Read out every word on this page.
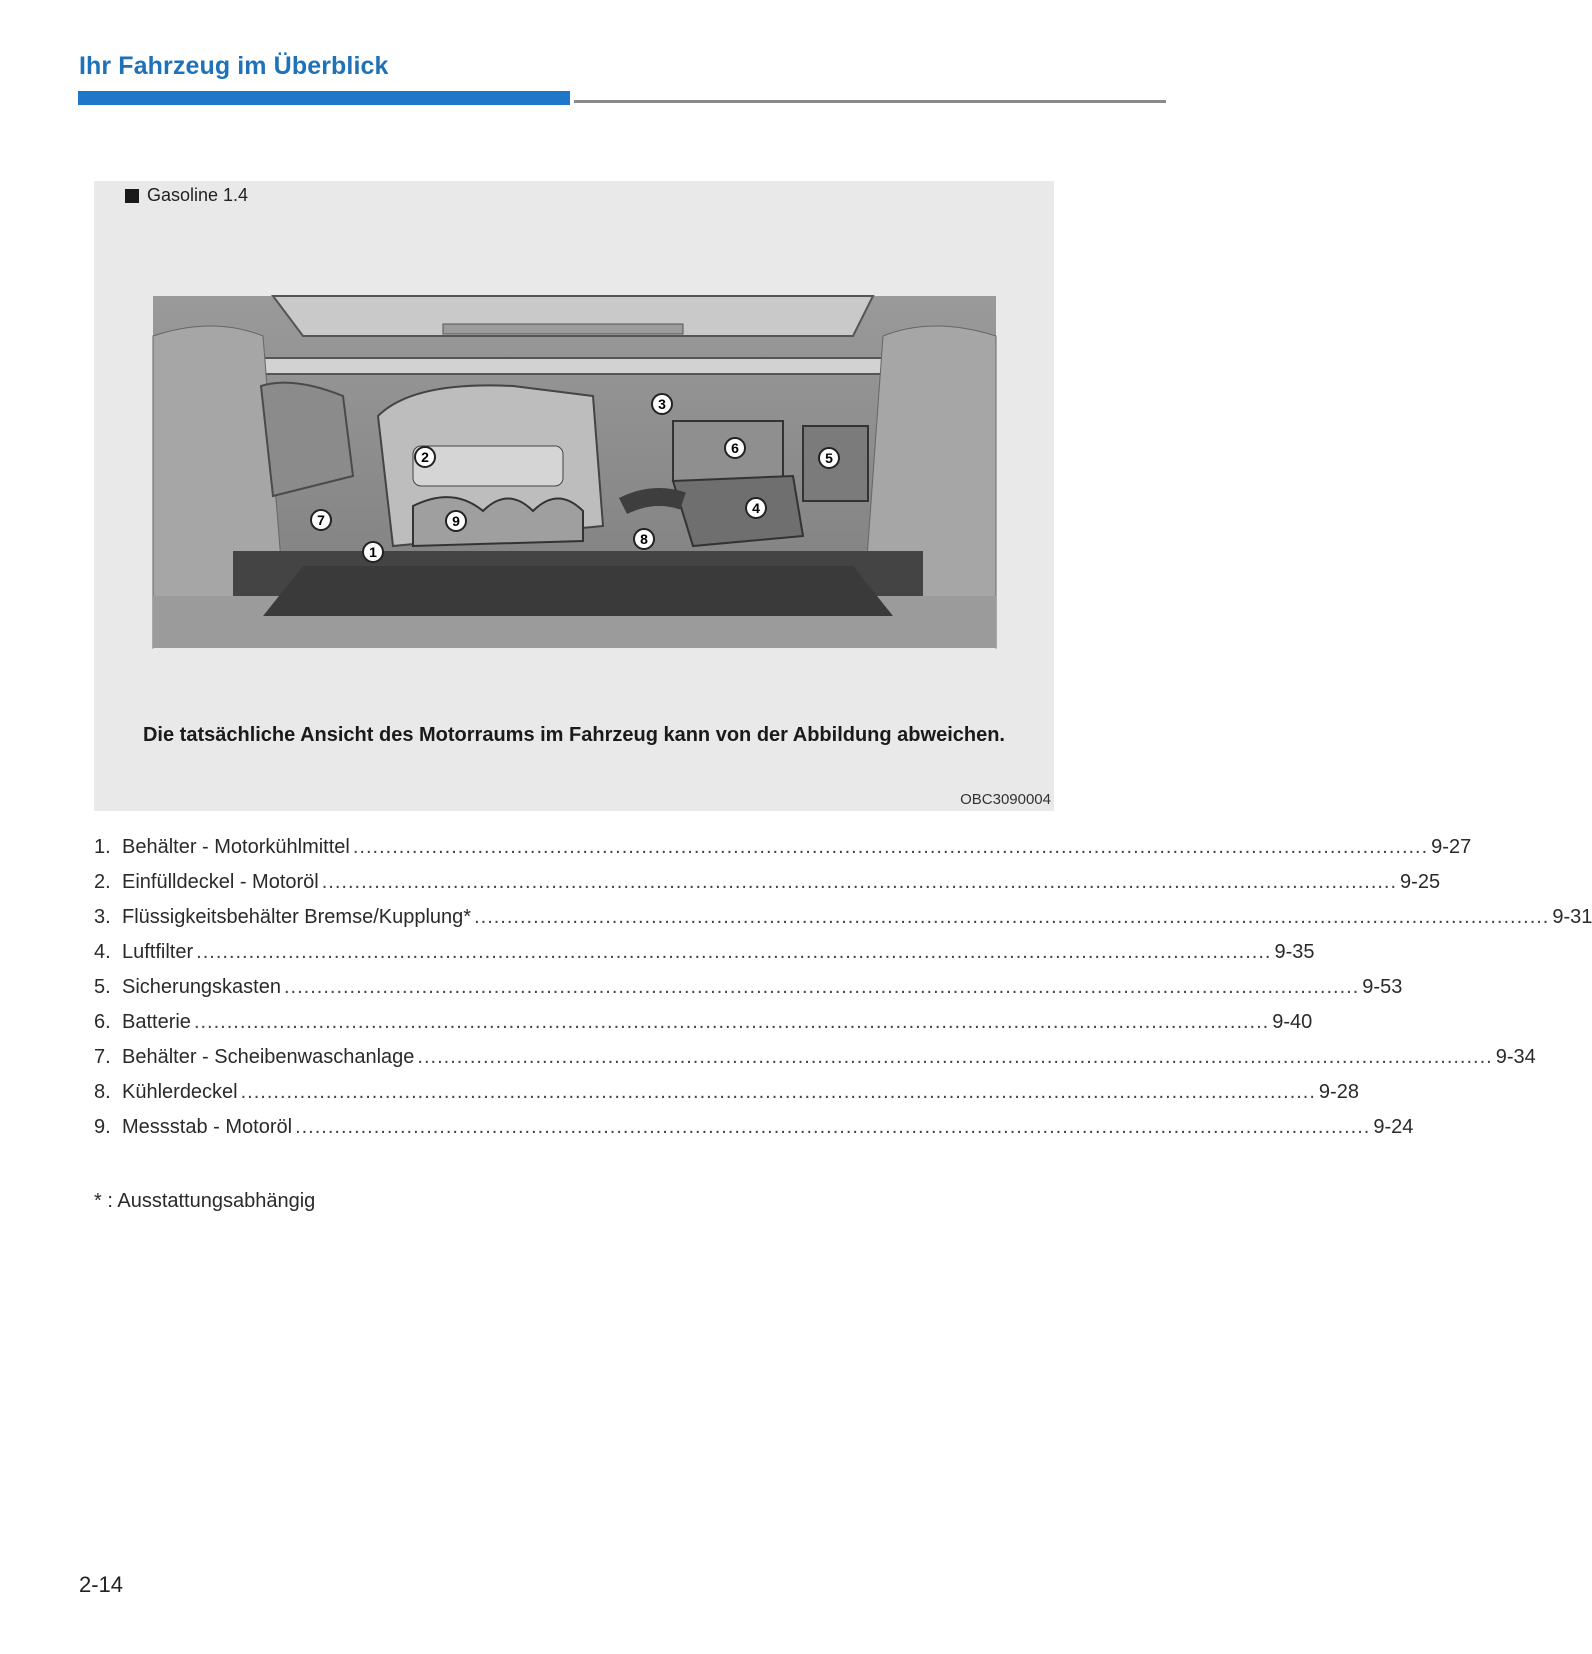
Ihr Fahrzeug im Überblick
Gasoline 1.4
1
2
3
4
5
6
7
8
9
Die tatsächliche Ansicht des Motorraums im Fahrzeug kann von der Abbildung abweichen.
OBC3090004
1. Behälter - Motorkühlmittel .................................................................................................................................................................... 9-27
2. Einfülldeckel - Motoröl .................................................................................................................................................................... 9-25
3. Flüssigkeitsbehälter Bremse/Kupplung* .................................................................................................................................................................... 9-31
4. Luftfilter .................................................................................................................................................................... 9-35
5. Sicherungskasten .................................................................................................................................................................... 9-53
6. Batterie .................................................................................................................................................................... 9-40
7. Behälter - Scheibenwaschanlage .................................................................................................................................................................... 9-34
8. Kühlerdeckel .................................................................................................................................................................... 9-28
9. Messstab - Motoröl .................................................................................................................................................................... 9-24
* : Ausstattungsabhängig
2-14
